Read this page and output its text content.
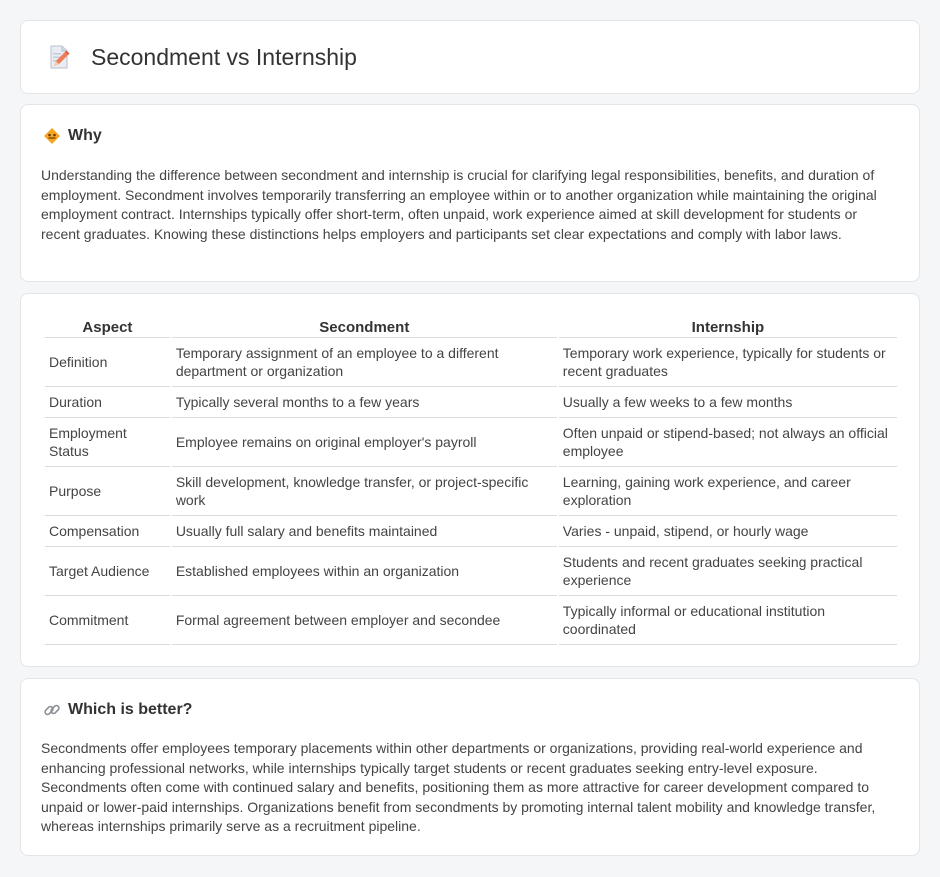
Secondment vs Internship
Why

Understanding the difference between secondment and internship is crucial for clarifying legal responsibilities, benefits, and duration of employment. Secondment involves temporarily transferring an employee within or to another organization while maintaining the original employment contract. Internships typically offer short-term, often unpaid, work experience aimed at skill development for students or recent graduates. Knowing these distinctions helps employers and participants set clear expectations and comply with labor laws.

Aspect	Secondment	Internship
Definition	Temporary assignment of an employee to a different department or organization	Temporary work experience, typically for students or recent graduates
Duration	Typically several months to a few years	Usually a few weeks to a few months
Employment Status	Employee remains on original employer's payroll	Often unpaid or stipend-based; not always an official employee
Purpose	Skill development, knowledge transfer, or project-specific work	Learning, gaining work experience, and career exploration
Compensation	Usually full salary and benefits maintained	Varies - unpaid, stipend, or hourly wage
Target Audience	Established employees within an organization	Students and recent graduates seeking practical experience
Commitment	Formal agreement between employer and secondee	Typically informal or educational institution coordinated
Which is better?

Secondments offer employees temporary placements within other departments or organizations, providing real-world experience and enhancing professional networks, while internships typically target students or recent graduates seeking entry-level exposure. Secondments often come with continued salary and benefits, positioning them as more attractive for career development compared to unpaid or lower-paid internships. Organizations benefit from secondments by promoting internal talent mobility and knowledge transfer, whereas internships primarily serve as a recruitment pipeline.
